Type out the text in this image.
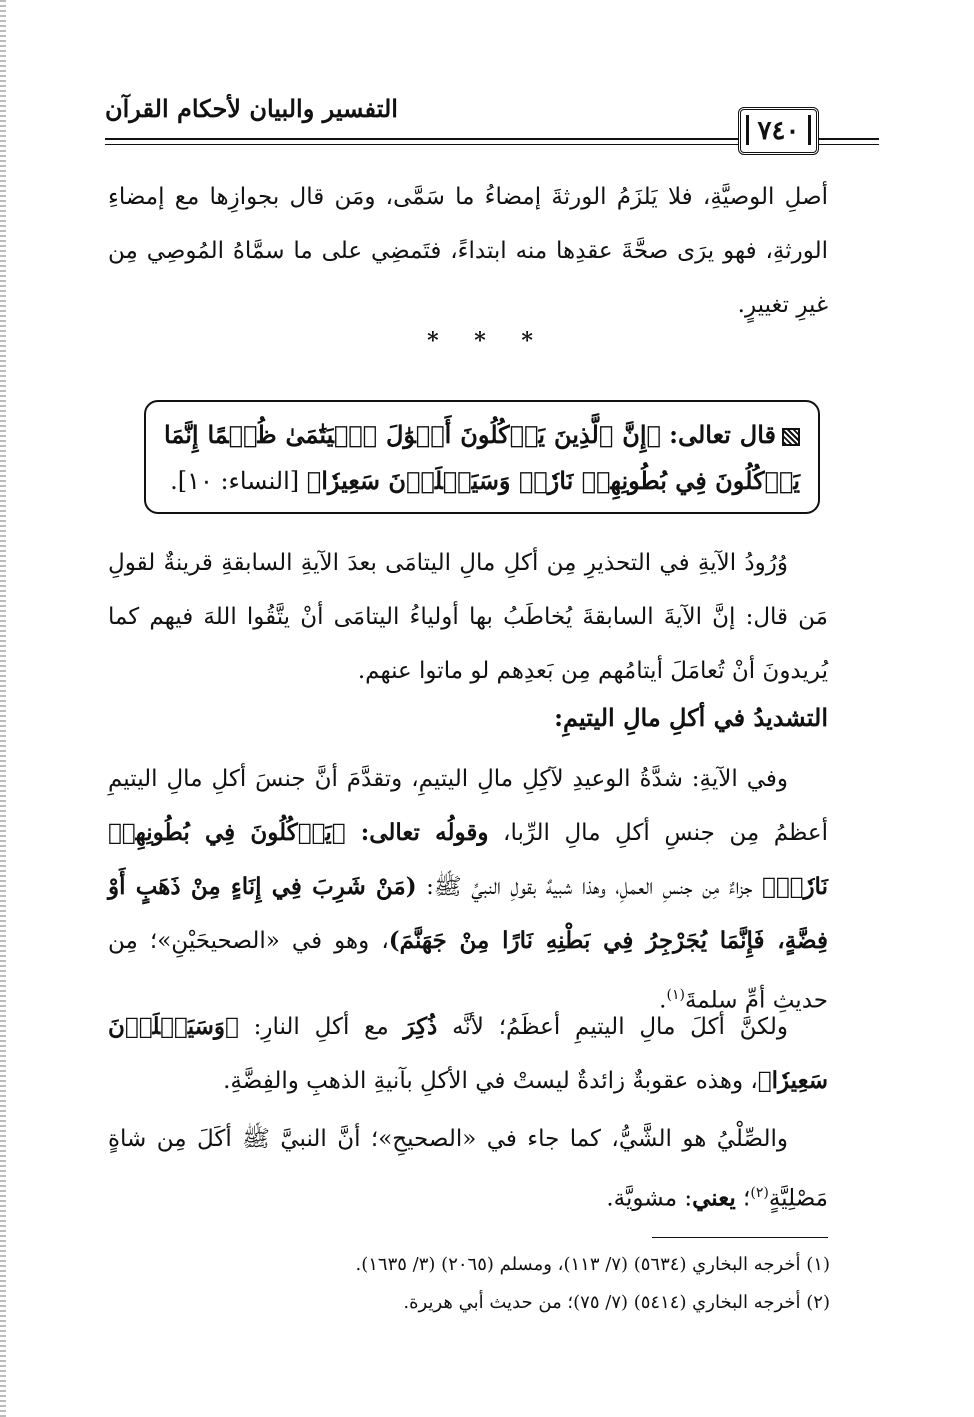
التفسير والبيان لأحكام القرآن
٧٤٠

أصلِ الوصيَّةِ، فلا يَلزَمُ الورثةَ إمضاءُ ما سَمَّى، ومَن قال بجوازِها مع إمضاءِ الورثةِ، فهو يرَى صحَّةَ عقدِها منه ابتداءً، فتَمضِي على ما سمَّاهُ المُوصِي مِن غيرِ تغييرٍ.

* * *
قال تعالى: ﴿إِنَّ ٱلَّذِينَ يَأۡكُلُونَ أَمۡوَٰلَ ٱلۡيَتَٰمَىٰ ظُلۡمًا إِنَّمَا يَأۡكُلُونَ فِي بُطُونِهِمۡ نَارٗاۖ وَسَيَصۡلَوۡنَ سَعِيرٗا﴾ [النساء: ١٠].

وُرُودُ الآيةِ في التحذيرِ مِن أكلِ مالِ اليتامَى بعدَ الآيةِ السابقةِ قرينةٌ لقولِ مَن قال: إنَّ الآيةَ السابقةَ يُخاطَبُ بها أولياءُ اليتامَى أنْ يتَّقُوا اللهَ فيهم كما يُريدونَ أنْ تُعامَلَ أيتامُهم مِن بَعدِهم لو ماتوا عنهم.

التشديدُ في أكلِ مالِ اليتيمِ:

وفي الآيةِ: شدَّةُ الوعيدِ لآكِلِ مالِ اليتيمِ، وتقدَّمَ أنَّ جنسَ أكلِ مالِ اليتيمِ أعظمُ مِن جنسِ أكلِ مالِ الرِّبا، وقولُه تعالى: ﴿يَأۡكُلُونَ فِي بُطُونِهِمۡ نَارٗاۖ﴾ جزاءٌ مِن جنسِ العملِ، وهذا شبيهٌ بقولِ النبيِّ ﷺ: (مَنْ شَرِبَ فِي إِنَاءٍ مِنْ ذَهَبٍ أَوْ فِضَّةٍ، فَإِنَّمَا يُجَرْجِرُ فِي بَطْنِهِ نَارًا مِنْ جَهَنَّمَ)، وهو في «الصحيحَيْنِ»؛ مِن حديثِ أمِّ سلمةَ$^{(١)}$.

ولكنَّ أكلَ مالِ اليتيمِ أعظَمُ؛ لأنَّه ذُكِرَ مع أكلِ النارِ: ﴿وَسَيَصۡلَوۡنَ سَعِيرٗا﴾، وهذه عقوبةٌ زائدةٌ ليستْ في الأكلِ بآنيةِ الذهبِ والفِضَّةِ.

والصِّلْيُ هو الشَّيُّ، كما جاء في «الصحيحِ»؛ أنَّ النبيَّ ﷺ أكَلَ مِن شاةٍ مَصْلِيَّةٍ$^{(٢)}$؛ يعني: مشويَّة.

(١) أخرجه البخاري (٥٦٣٤) (٧/ ١١٣)، ومسلم (٢٠٦٥) (٣/ ١٦٣٥).

(٢) أخرجه البخاري (٥٤١٤) (٧/ ٧٥)؛ من حديث أبي هريرة.
